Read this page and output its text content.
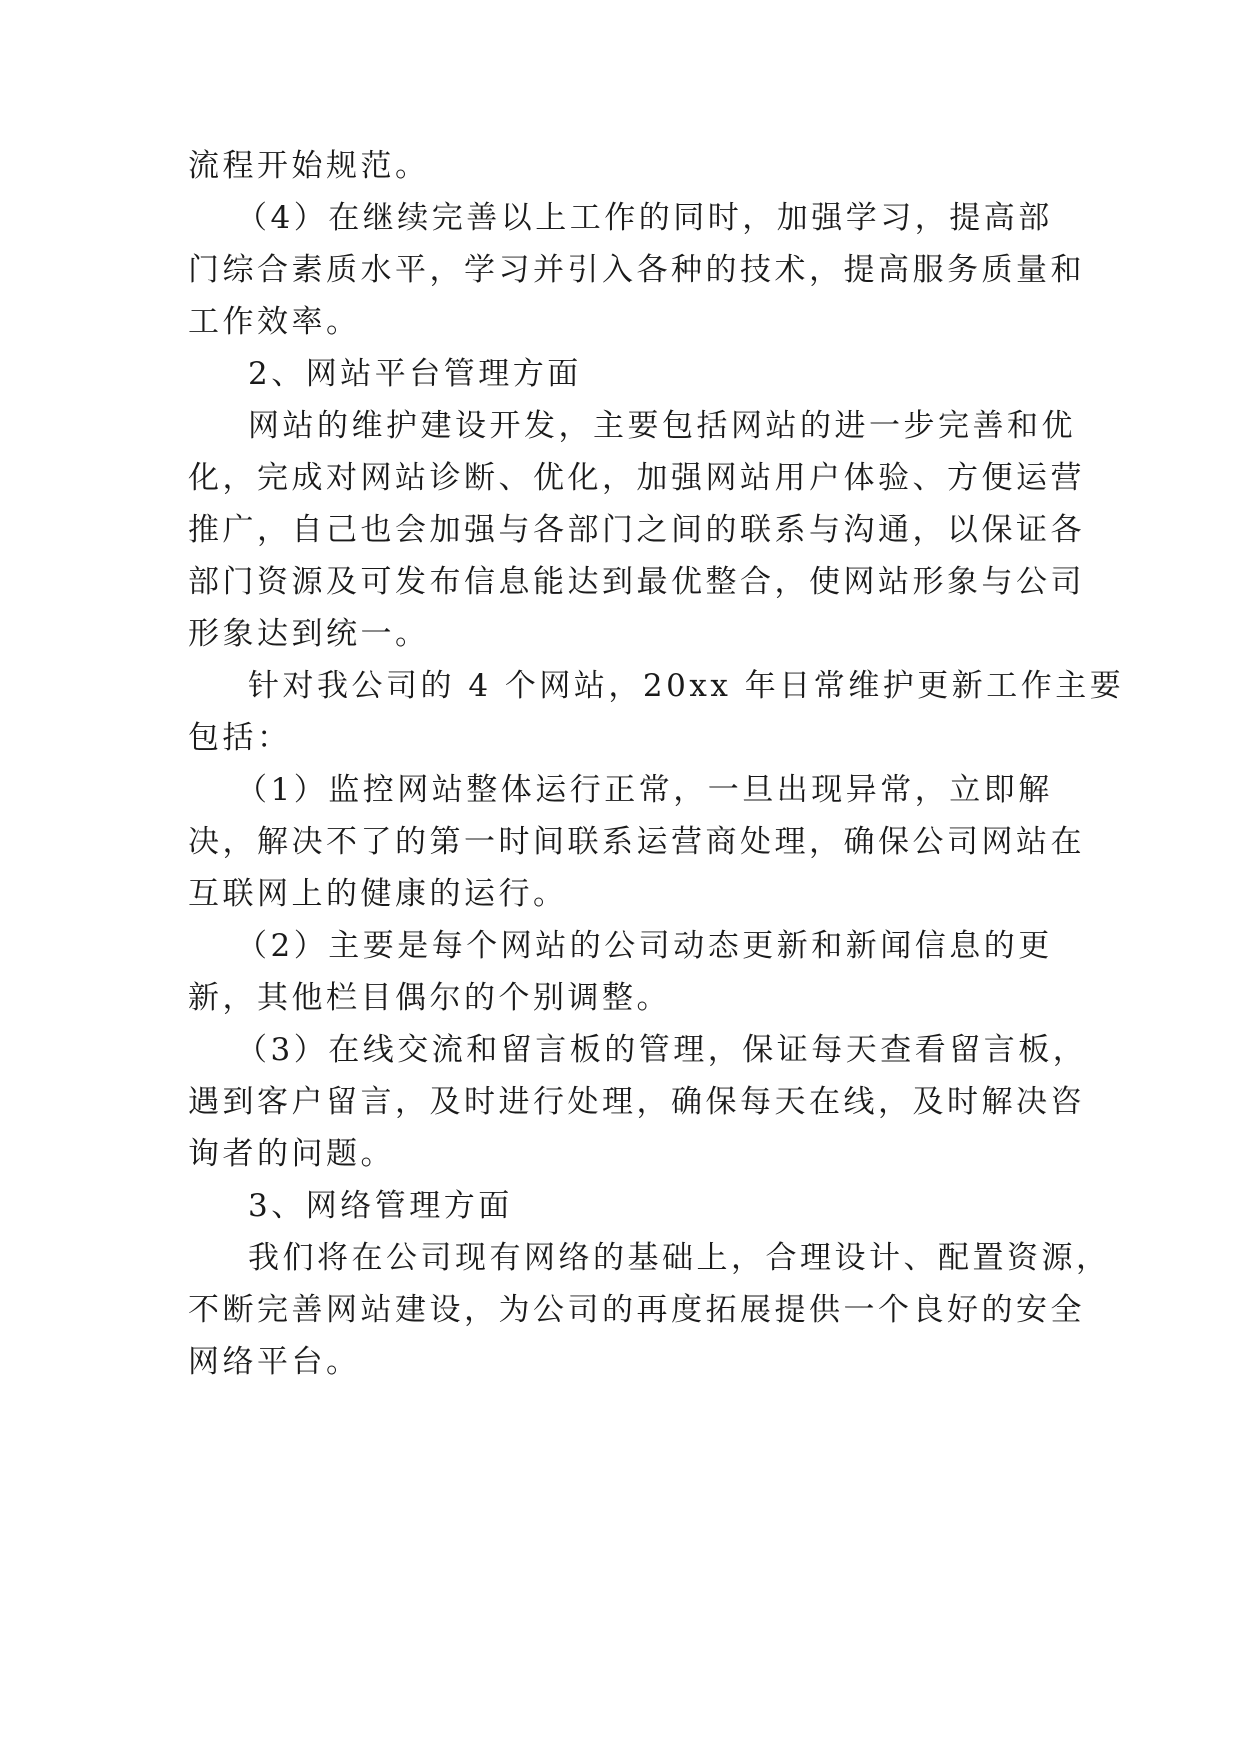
流程开始规范。
（4）在继续完善以上工作的同时，加强学习，提高部
门综合素质水平，学习并引入各种的技术，提高服务质量和
工作效率。
2、网站平台管理方面
网站的维护建设开发，主要包括网站的进一步完善和优
化，完成对网站诊断、优化，加强网站用户体验、方便运营
推广，自己也会加强与各部门之间的联系与沟通，以保证各
部门资源及可发布信息能达到最优整合，使网站形象与公司
形象达到统一。
针对我公司的 4 个网站，20xx 年日常维护更新工作主要
包括：
（1）监控网站整体运行正常，一旦出现异常，立即解
决，解决不了的第一时间联系运营商处理，确保公司网站在
互联网上的健康的运行。
（2）主要是每个网站的公司动态更新和新闻信息的更
新，其他栏目偶尔的个别调整。
（3）在线交流和留言板的管理，保证每天查看留言板，
遇到客户留言，及时进行处理，确保每天在线，及时解决咨
询者的问题。
3、网络管理方面
我们将在公司现有网络的基础上，合理设计、配置资源，
不断完善网站建设，为公司的再度拓展提供一个良好的安全
网络平台。
